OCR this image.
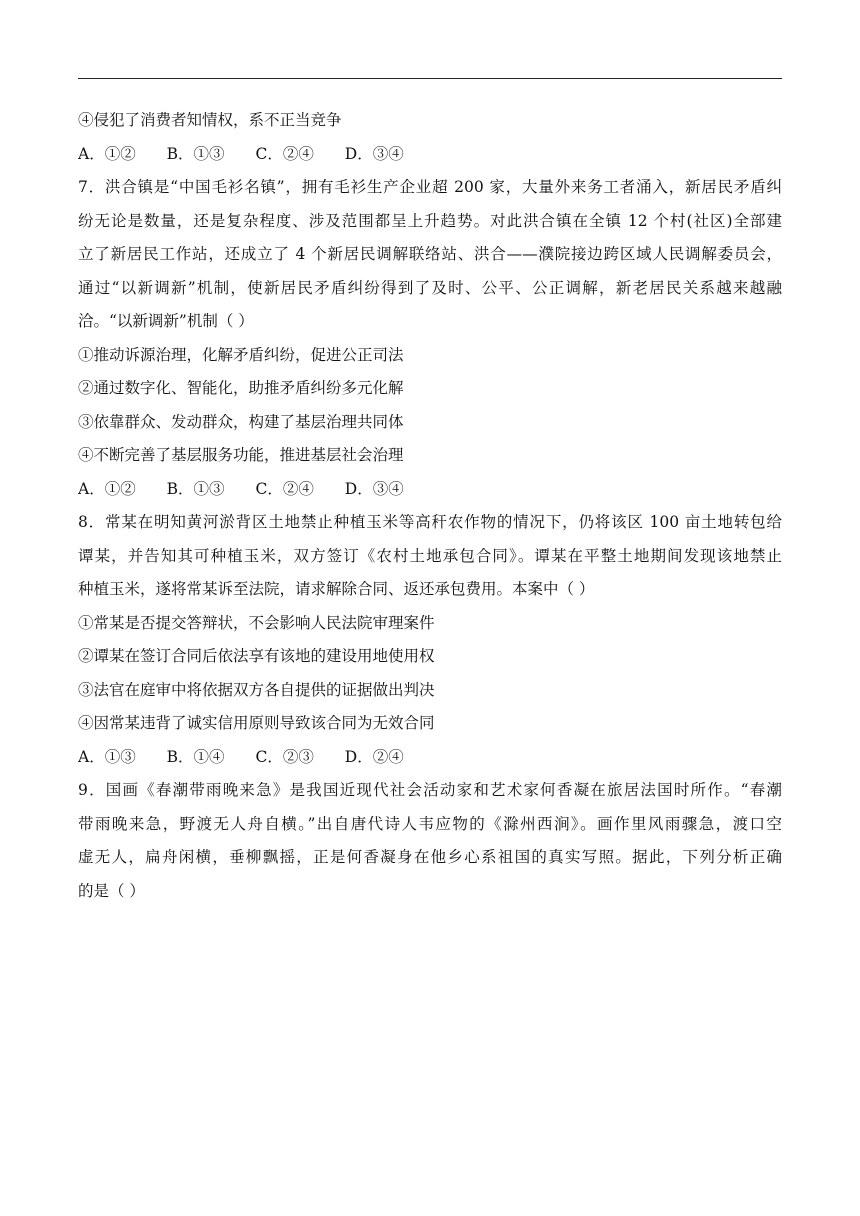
④侵犯了消费者知情权，系不正当竞争
A．①② B．①③ C．②④ D．③④
7．洪合镇是“中国毛衫名镇”，拥有毛衫生产企业超 200 家，大量外来务工者涌入，新居民矛盾纠
纷无论是数量，还是复杂程度、涉及范围都呈上升趋势。对此洪合镇在全镇 12 个村(社区)全部建
立了新居民工作站，还成立了 4 个新居民调解联络站、洪合——濮院接边跨区域人民调解委员会，
通过“以新调新”机制，使新居民矛盾纠纷得到了及时、公平、公正调解，新老居民关系越来越融
洽。“以新调新”机制（ ）
①推动诉源治理，化解矛盾纠纷，促进公正司法
②通过数字化、智能化，助推矛盾纠纷多元化解
③依靠群众、发动群众，构建了基层治理共同体
④不断完善了基层服务功能，推进基层社会治理
A．①② B．①③ C．②④ D．③④
8．常某在明知黄河淤背区土地禁止种植玉米等高秆农作物的情况下，仍将该区 100 亩土地转包给
谭某，并告知其可种植玉米，双方签订《农村土地承包合同》。谭某在平整土地期间发现该地禁止
种植玉米，遂将常某诉至法院，请求解除合同、返还承包费用。本案中（ ）
①常某是否提交答辩状，不会影响人民法院审理案件
②谭某在签订合同后依法享有该地的建设用地使用权
③法官在庭审中将依据双方各自提供的证据做出判决
④因常某违背了诚实信用原则导致该合同为无效合同
A．①③ B．①④ C．②③ D．②④
9．国画《春潮带雨晚来急》是我国近现代社会活动家和艺术家何香凝在旅居法国时所作。“春潮
带雨晚来急，野渡无人舟自横。”出自唐代诗人韦应物的《滁州西涧》。画作里风雨骤急，渡口空
虚无人，扁舟闲横，垂柳飘摇，正是何香凝身在他乡心系祖国的真实写照。据此，下列分析正确
的是（ ）
